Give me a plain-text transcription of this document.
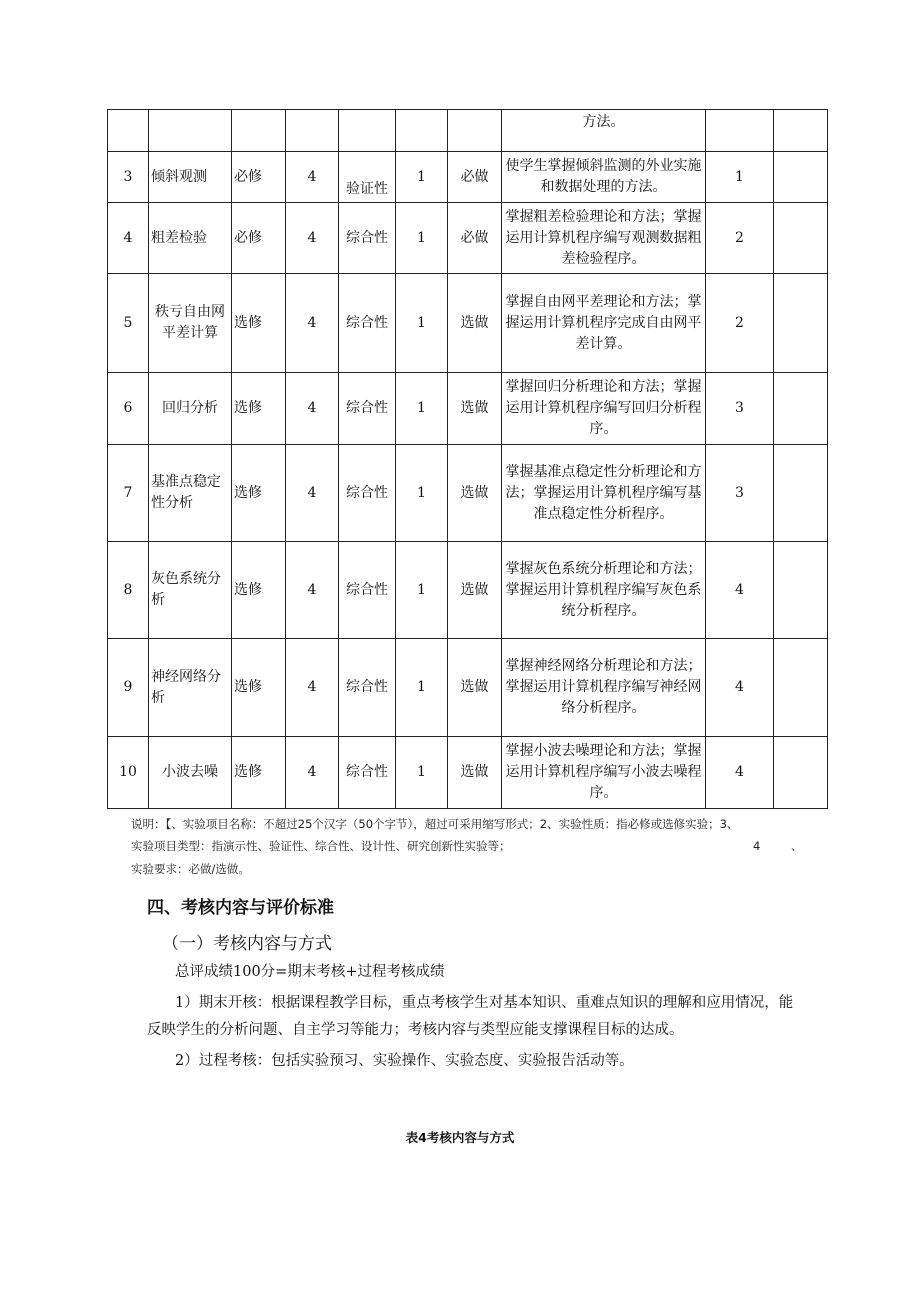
							方法。		
3	倾斜观测	必修	4	验证性	1	必做	使学生掌握倾斜监测的外业实施和数据处理的方法。	1	
4	粗差检验	必修	4	综合性	1	必做	掌握粗差检验理论和方法；掌握运用计算机程序编写观测数据粗差检验程序。	2	
5	秩亏自由网平差计算	选修	4	综合性	1	选做	掌握自由网平差理论和方法；掌握运用计算机程序完成自由网平差计算。	2	
6	回归分析	选修	4	综合性	1	选做	掌握回归分析理论和方法；掌握运用计算机程序编写回归分析程序。	3	
7	基准点稳定性分析	选修	4	综合性	1	选做	掌握基准点稳定性分析理论和方法；掌握运用计算机程序编写基准点稳定性分析程序。	3	
8	灰色系统分析	选修	4	综合性	1	选做	掌握灰色系统分析理论和方法；掌握运用计算机程序编写灰色系统分析程序。	4	
9	神经网络分析	选修	4	综合性	1	选做	掌握神经网络分析理论和方法；掌握运用计算机程序编写神经网络分析程序。	4	
10	小波去噪	选修	4	综合性	1	选做	掌握小波去噪理论和方法；掌握运用计算机程序编写小波去噪程序。	4	
说明：【、实验项目名称：不超过25个汉字（50个字节），超过可采用缩写形式；2、实验性质：指必修或选修实验；3、
实验项目类型：指演示性、验证性、综合性、设计性、研究创新性实验等；	4	、
实验要求：必做/选做。
四、考核内容与评价标准
（一）考核内容与方式
总评成绩100分=期末考核+过程考核成绩
1）期末开核：根据课程教学目标，重点考核学生对基本知识、重难点知识的理解和应用情况，能
反映学生的分析问题、自主学习等能力；考核内容与类型应能支撑课程目标的达成。
2）过程考核：包括实验预习、实验操作、实验态度、实验报告活动等。
表4考核内容与方式
